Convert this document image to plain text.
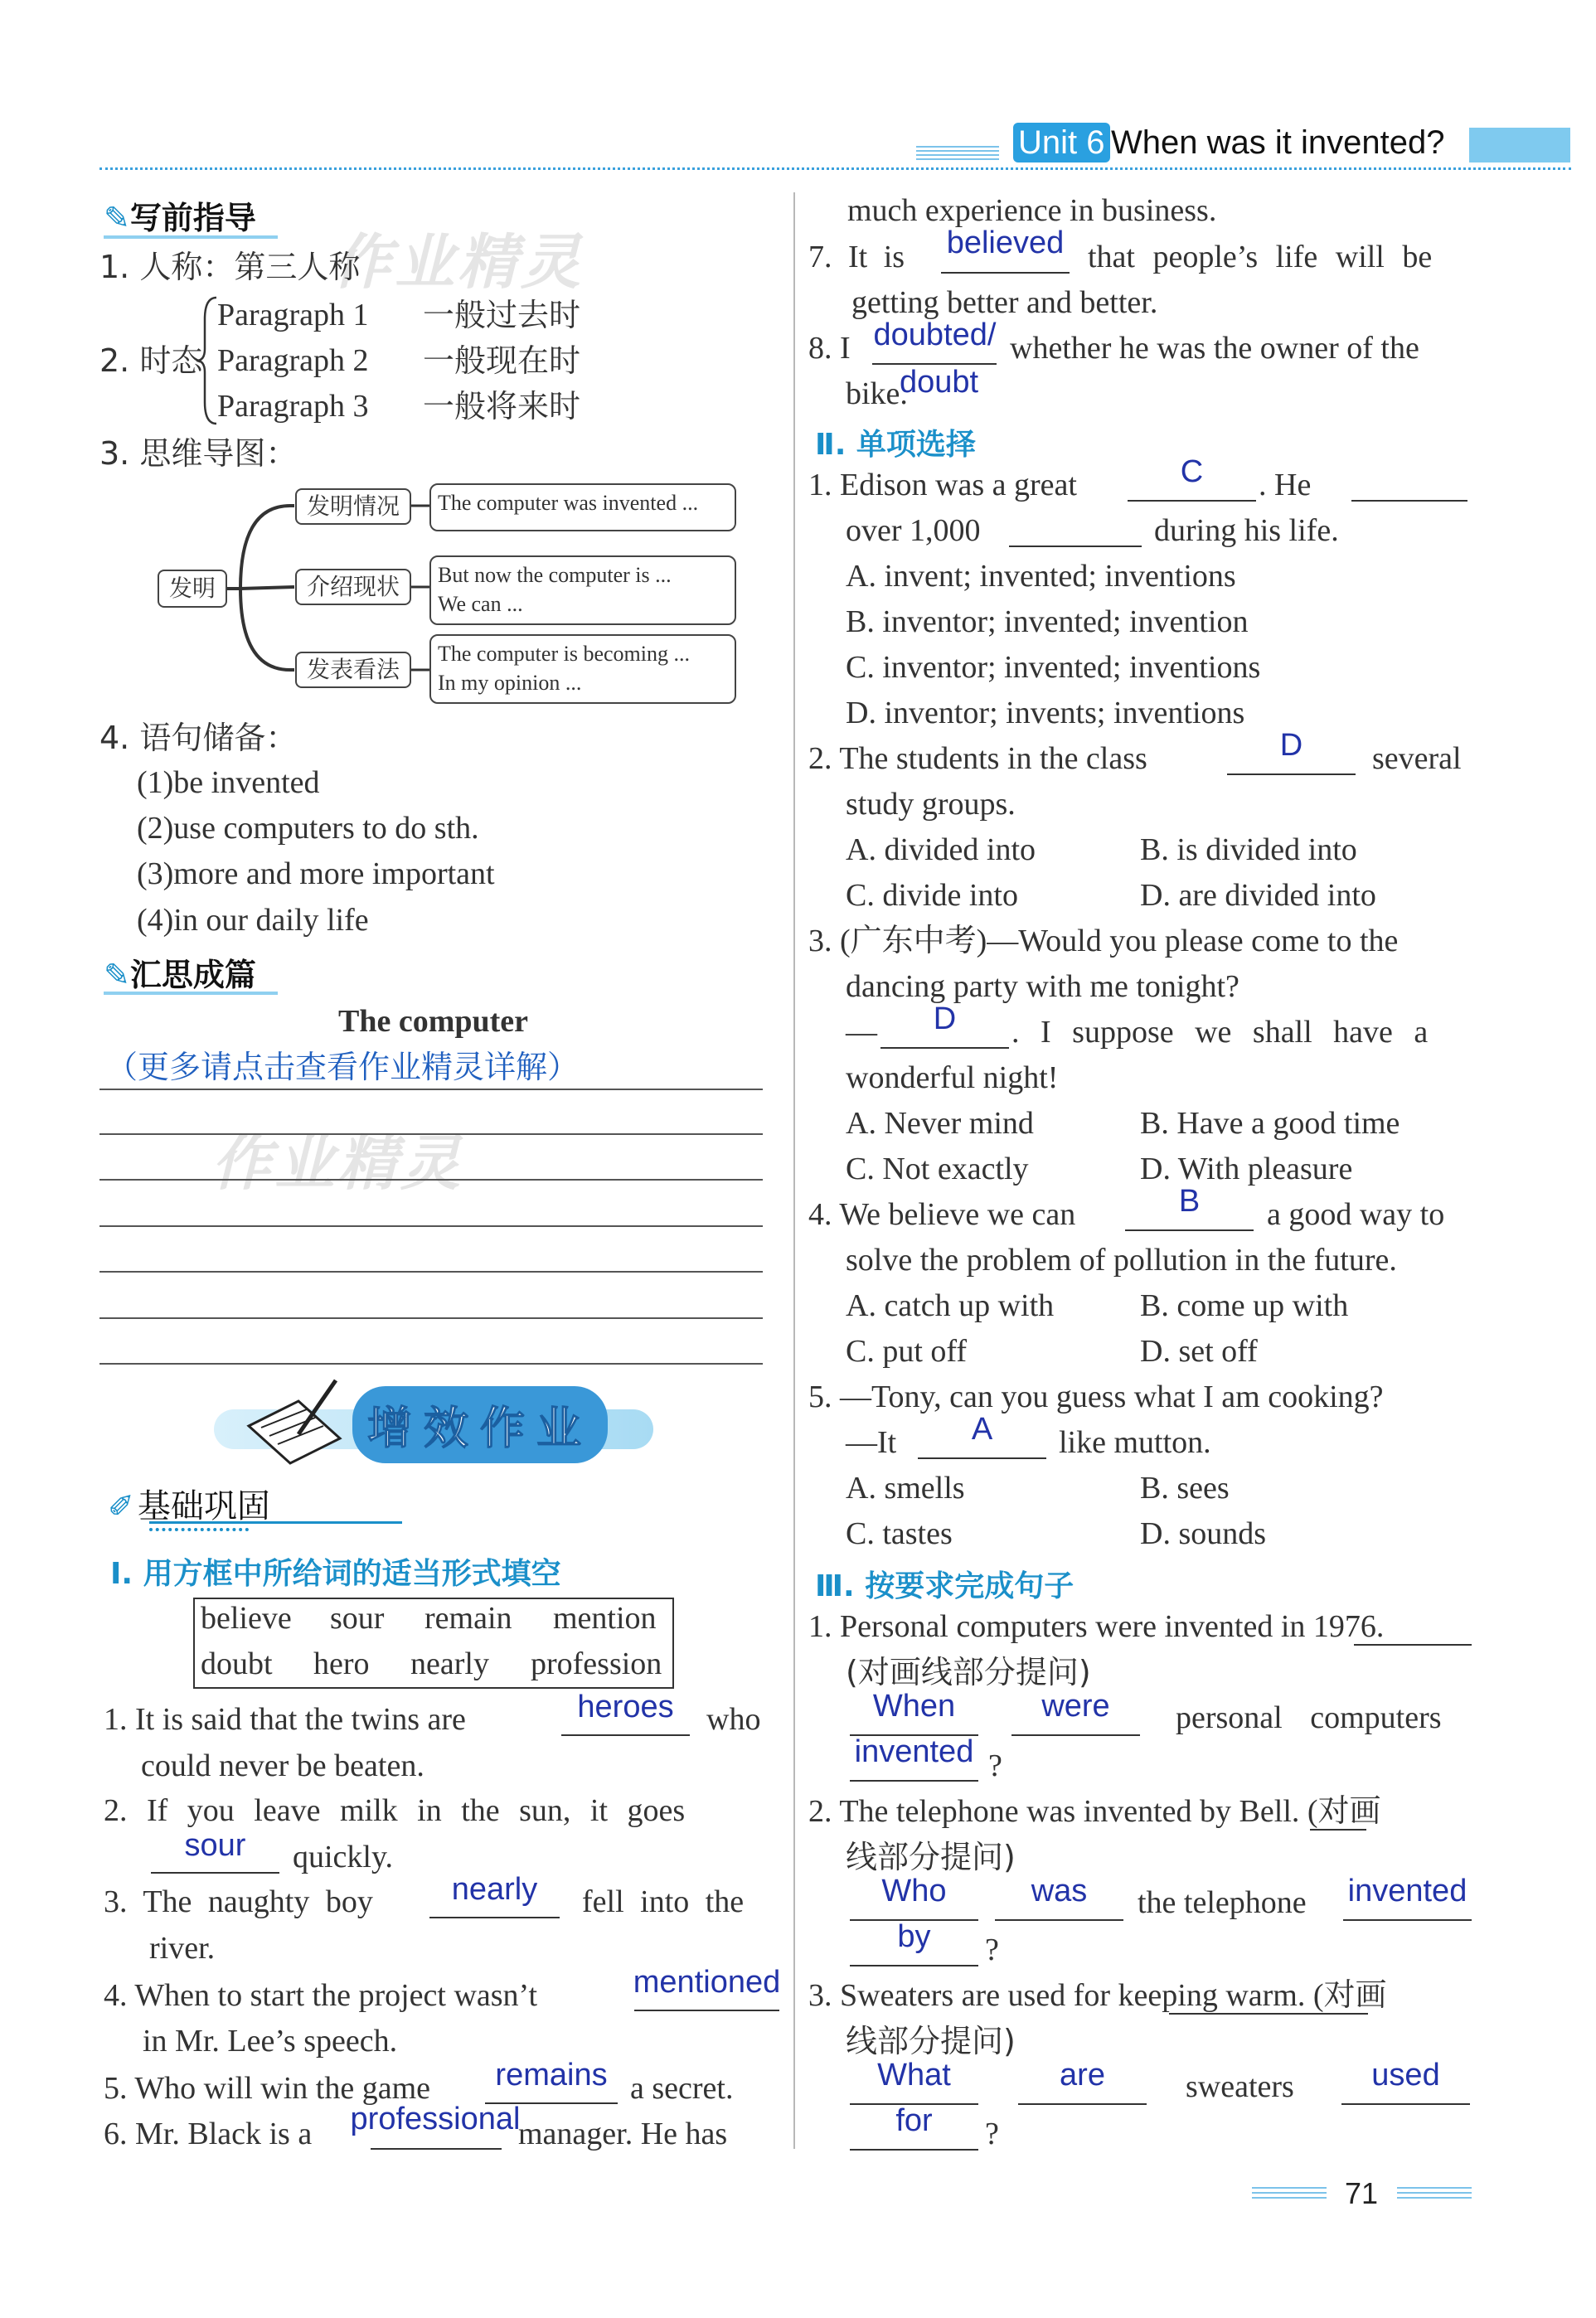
Unit 6 When was it invented?
作业精灵
作业精灵
✎写前指导
1. 人称：第三人称
2. 时态
Paragraph 1 一般过去时
Paragraph 2 一般现在时
Paragraph 3 一般将来时
3. 思维导图：
发明
发明情况
介绍现状
发表看法
The computer was invented ...
But now the computer is ...
We can ...
The computer is becoming ...
In my opinion ...
4. 语句储备：
(1)be invented
(2)use computers to do sth.
(3)more and more important
(4)in our daily life
✎汇思成篇
The computer
（更多请点击查看作业精灵详解）
增效作业
✐ 基础巩固
Ⅰ. 用方框中所给词的适当形式填空
believe sour remain mention
doubt hero nearly profession
1. It is said that the twins are	heroes	who
could never be beaten.
2. If you leave milk in the sun, it goes
sour	quickly.
3. The naughty boy	nearly	fell into the
river.
4. When to start the project wasn’t	mentioned
in Mr. Lee’s speech.
5. Who will win the game	remains a secret.
6. Mr. Black is a professional
manager. He has
much experience in business.
7. It is	believed that people’s life will be
getting better and better.
8. I doubted/ whether he was the owner of the
bike.
doubt
Ⅱ. 单项选择
1. Edison was a great	C	. He
over 1,000	during his life.
A. invent; invented; inventions
B. inventor; invented; invention
C. inventor; invented; inventions
D. inventor; invents; inventions
2. The students in the class	D	several
study groups.
A. divided into	B. is divided into
C. divide into	D. are divided into
3. (广东中考)—Would you please come to the
dancing party with me tonight?
—	D	. I suppose we shall have a
wonderful night!
A. Never mind	B. Have a good time
C. Not exactly	D. With pleasure
4. We believe we can	B	a good way to
solve the problem of pollution in the future.
A. catch up with	B. come up with
C. put off	D. set off
5. —Tony, can you guess what I am cooking?
—It	A	like mutton.
A. smells	B. sees
C. tastes	D. sounds
Ⅲ. 按要求完成句子
1. Personal computers were invented in 1976.
(对画线部分提问)
When	were	personal computers
invented ?
2. The telephone was invented by Bell. (对画
线部分提问)
Who	was	the telephone invented
by	?
3. Sweaters are used for keeping warm. (对画
线部分提问)
What	are	sweaters	used
for	?
71
